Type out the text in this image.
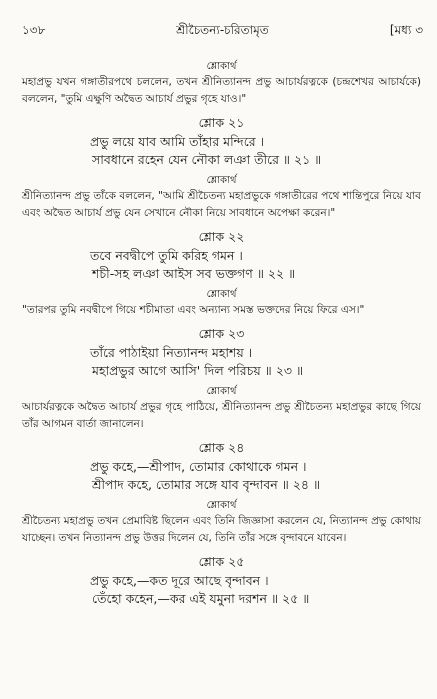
১৩৮	শ্রীচৈতন্য-চরিতামৃত	[মধ্য ৩
শ্লোকার্থ

মহাপ্রভু যখন গঙ্গাতীরপথে চললেন, তখন শ্রীনিত্যানন্দ প্রভু আচার্যরত্নকে (চন্দ্রশেখর আচার্যকে) বললেন, "তুমি এক্ষুণি অদ্বৈত আচার্য প্রভুর গৃহে যাও।"

শ্লোক ২১
প্রভু লয়ে যাব আমি তাঁহার মন্দিরে ।
সাবধানে রহেন যেন নৌকা লঞা তীরে ॥ ২১ ॥
শ্লোকার্থ

শ্রীনিত্যানন্দ প্রভু তাঁকে বললেন, "আমি শ্রীচৈতন্য মহাপ্রভুকে গঙ্গাতীরের পথে শান্তিপুরে নিয়ে যাব এবং অদ্বৈত আচার্য প্রভু যেন সেখানে নৌকা নিয়ে সাবধানে অপেক্ষা করেন।"

শ্লোক ২২
তবে নবদ্বীপে তুমি করিহ গমন ।
শচী-সহ লঞা আইস সব ভক্তগণ ॥ ২২ ॥
শ্লোকার্থ

"তারপর তুমি নবদ্বীপে গিয়ে শচীমাতা এবং অন্যান্য সমস্ত ভক্তদের নিয়ে ফিরে এস।"

শ্লোক ২৩
তাঁরে পাঠাইয়া নিত্যানন্দ মহাশয় ।
মহাপ্রভুর আগে আসি' দিল পরিচয় ॥ ২৩ ॥
শ্লোকার্থ

আচার্যরত্নকে অদ্বৈত আচার্য প্রভুর গৃহে পাঠিয়ে, শ্রীনিত্যানন্দ প্রভু শ্রীচৈতন্য মহাপ্রভুর কাছে গিয়ে তাঁর আগমন বার্তা জানালেন।

শ্লোক ২৪
প্রভু কহে,—শ্রীপাদ, তোমার কোথাকে গমন ।
শ্রীপাদ কহে, তোমার সঙ্গে যাব বৃন্দাবন ॥ ২৪ ॥
শ্লোকার্থ

শ্রীচৈতন্য মহাপ্রভু তখন প্রেমাবিষ্ট ছিলেন এবং তিনি জিজ্ঞাসা করলেন যে, নিত্যানন্দ প্রভু কোথায় যাচ্ছেন। তখন নিত্যানন্দ প্রভু উত্তর দিলেন যে, তিনি তাঁর সঙ্গে বৃন্দাবনে যাবেন।

শ্লোক ২৫
প্রভু কহে,—কত দূরে আছে বৃন্দাবন ।
তেঁহো কহেন,—কর এই যমুনা দরশন ॥ ২৫ ॥
